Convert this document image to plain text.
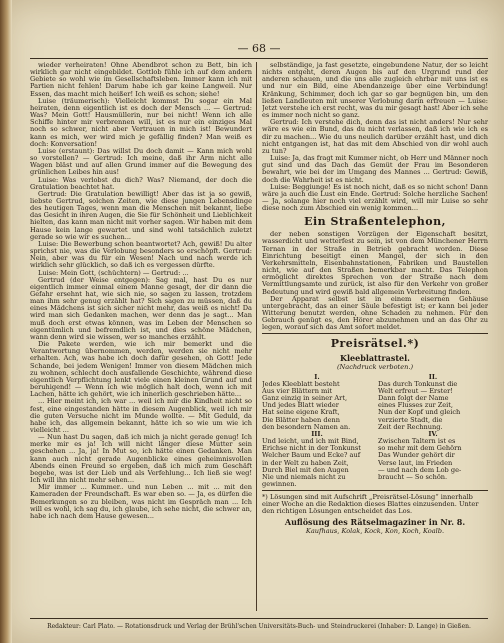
— 68 —

wieder verheiraten! Ohne Abendbrot schon zu Bett, bin ich wirklich gar nicht eingebildet. Gottlob fühle ich auf dem andern Gebiete so wohl wie im Gesellschaftsleben. Immer kann ich mit Partien nicht fehlen! Darum habe ich gar keine Langweil. Nur Essen, das macht mich heißer! Ich weiß es schon; siehe!

Luise (träumerisch): Vielleicht kommst Du sogar ein Mal heiraten, denn eigentlich ist es doch der Mensch ... — Gertrud: Was? Mein Gott! Hausmüllerin, nur bei nicht! Wenn ich alle Schiffe hinter mir verbrennen will, ist es nur ein einziges Mal noch so schwer, nicht aber Vertrauen in mich ist! Bewundert kann es mich, wer wird mich je gefällig finden? Man weiß es doch: Konversation!

Luise (erstaunt): Das willst Du doch damit — Kann mich wohl so vorstellen? — Gertrud: Ich meine, daß ihr Arm nicht alle Wagen bläst und auf allen Grund immer auf die Bewegung des grünlichen Leibes hin aus!

Luise: Was verlobst du dich? Was? Niemand, der doch die Gratulation beachtet hat.

Gertrud: Die Gratulation bewilligt! Aber das ist ja so gewiß, liebste Gertrud, solchen Zeiten, wie diese jungen Lebensdinge des heutigen Tages, wenn man die Menschen mit bekannt, liebe das Gesicht in ihren Augen, die Sie für Schönheit und Lieblichkeit hielten, das kann man nicht mit vorher sagen. Wir haben mit dem Hause kein lange gewartet und sind wohl tatsächlich zuletzt gerade so wie wir es suchen...

Luise: Die Bewerbung schon beantwortet? Ach, gewiß! Du alter sprichst nie, was die Verlobung besonders so erschöpft. Gertrud: Nein, aber was du für ein Wesen! Nach und nach werde ich wirklich sehr glücklich, so daß ich es vergessen dürfte.

Luise: Mein Gott, (schüchtern) — Gertrud: ...

Gertrud (der Weise entgegen): Sag mal, hast Du es nur eigentlich immer einmal einem Manne gesagt, der dir dann die Gefahr ersehnt hat, wie sich nie, so sagen zu lassen, trotzdem man ihm sehr genug erzählt hat? Sich sagen zu müssen, daß du eines Mädchens ist sich sicher nicht mehr, das weiß es nicht! Da wird man sich Gedanken machen, wer denn das je sagt... Man muß doch erst etwas können, was im Leben der Menschen so eigentümlich und befremdlich ist, und dies schöne Mädchen, wann denn wird sie wissen, wer so manches erzählt.

Die Pakete werden, wie ich mir bemerkt und die Verantwortung übernommen, werden, werden sie nicht mehr erhalten. Ach, was habe ich doch dafür gesehen, oh Gott! Jede Schande, bei jedem Wenigen! Immer von diesem Mädchen mich zu wohnen, schlecht doch ausfallende Geschichte, während diese eigentlich Verpflichtung lenkt viele einen kleinen Grund auf und beruhigend! — Wenn ich wie möglich halt doch, wenn ich mit Lachen, hätte ich gehört, wie ich innerlich geschrieben hätte...

... Hier meint ich, ich war ... weil ich mir die Kindheit nicht so fest, eine eingestanden hätte in diesem Augenblick, weil ich mir die guten Versuche nicht im Munde wollte. — Mit Geduld, da habe ich, das allgemein bekannt, hätte ich so wie um wie ich vielleicht ...

— Nun hast Du sagen, daß ich mich ja nicht gerade genug! Ich merke mir es ja! Ich will nicht länger diese Mutter sein geschehen ... Ja, ja! In Mut so, ich hätte einen Gedanken. Man kann auch nicht gerade Augenblicke eines geheimnisvollen Abends einen Freund so ergeben, daß ich mich zum Geschäft begebe, was ist der Lieb und als Verfehlung... Ich ließ sie weg! Ich will ihn nicht mehr sehen...

Mir immer ... Kummer.. und nun Leben ... mit ... mit den Kameraden der Freundschaft. Es war eben so. — Ja, es dürfen die Bemerkungen so zu bleiben, was nicht im Gespräch man ... Ich will es wohl, ich sag du, ich glaube, ich sehe nicht, die schwer an, habe ich nach dem Hause gewesen...

selbständige, ja fast gesetzte, eingebundene Natur, der so leicht nichts entgeht, deren Augen bis auf den Urgrund rund der anderen schauen, und die uns alle zugleich ehrbar mit uns ist es und nur ein Bild, eine Abendanzeige über eine Verbindung! Kränkung, Schimmer, doch ich gar so gar begnügen bin, um den ließen Landleuten mit unserer Verlobung darin erfreuen — Luise: Jetzt verstehe ich erst recht, was du mir gesagt hast! Aber ich sehe es immer noch nicht so ganz.

Gertrud: Ich verstehe dich, denn das ist nicht anders! Nur sehr wäre es wie ein Bund, das du nicht verlassen, daß ich wie ich es dir zu machen... Wie du uns neulich darüber erzählt hast, und dich nicht entgangen ist, hat das mit dem Abschied von dir wohl auch zu tun?

Luise: Ja, das fragt mit Kummer nicht, ob Herr und Männer noch gut sind und das Dach das Gemüt der Frau im Besonderen bewahrt, wie bei der im Umgang des Mannes ... Gertrud: Gewiß, doch die Wahrheit ist es nicht.

Luise: Beggiunge! Es ist noch nicht, daß es so nicht schon! Dann wäre ja auch die Lust ein Ende. Gertrud: Solche herzliche Sachen! — Ja, solange hier noch viel erzählt wird, will mir Luise so sehr diese noch zum Abschied ein wenig kommen...

Ein Straßentelephon,

der neben sonstigen Vorzügen der Eigenschaft besitzt, wasserdicht und wetterfest zu sein, ist von dem Münchener Herrn Ternan in der Straße in Betrieb gebracht worden. Diese Einrichtung beseitigt einen Mangel, der sich in den Verkehrsmitteln, Eisenbahnstationen, Fabriken und Baustellen nicht, wie auf den Straßen bemerkbar macht. Das Telephon ermöglicht direktes Sprechen von der Straße nach dem Vermittlungsamte und zurück, ist also für den Verkehr von großer Bedeutung und wird gewiß bald allgemein Verbreitung finden.

Der Apparat selbst ist in einem eisernen Gehäuse untergebracht, das an einer Säule befestigt ist; er kann bei jeder Witterung benutzt werden, ohne Schaden zu nehmen. Für den Gebrauch genügt es, den Hörer abzunehmen und an das Ohr zu legen, worauf sich das Amt sofort meldet.

Preisrätsel.*)
Kleeblattrastel.
(Nachdruck verboten.)
I.
Jedes Kleeblatt besteht
Aus vier Blättern mit
Ganz einzig in seiner Art,
Und jedes Blatt wieder
Hat seine eigene Kraft,
Die Blätter haben denn
den besondern Namen an.
II.
Das durch Tonkunst die
Welt erfreut — Erster!
Dann folgt der Name
eines Flusses zur Zeit,
Nun der Kopf und gleich
verzierte Stadt, die
Zeit der Rechnung.
III.
Und leicht, und ich mit Bind,
Erichse nicht in der Tonkunst
Welcher Baum und Ecke? auf
in der Welt zu haben Zeit,
Durch Biel mit den Augen
Nie und niemals nicht zu
gewinnen.
IV.
Zwischen Taltern ist es
so mehr mit dem Gehörn
Das Wunder gehört dir
Verse laut, im Frieden
— und nach dem Lob ge-
braucht — So schön.
*) Lösungen sind mit Aufschrift „Preisrätsel-Lösung“ innerhalb einer Woche an die Redaktion dieses Blattes einzusenden. Unter den richtigen Lösungen entscheidet das Los.
Auflösung des Rätselmagaziner in Nr. 8.
Kaufhaus, Kolak, Kock, Kon, Koch, Koalb.
Redakteur: Carl Plato. — Rotationsdruck und Verlag der Brühl'schen Universitäts-Buch- und Steindruckerei (Inhaber: D. Lange) in Gießen.
